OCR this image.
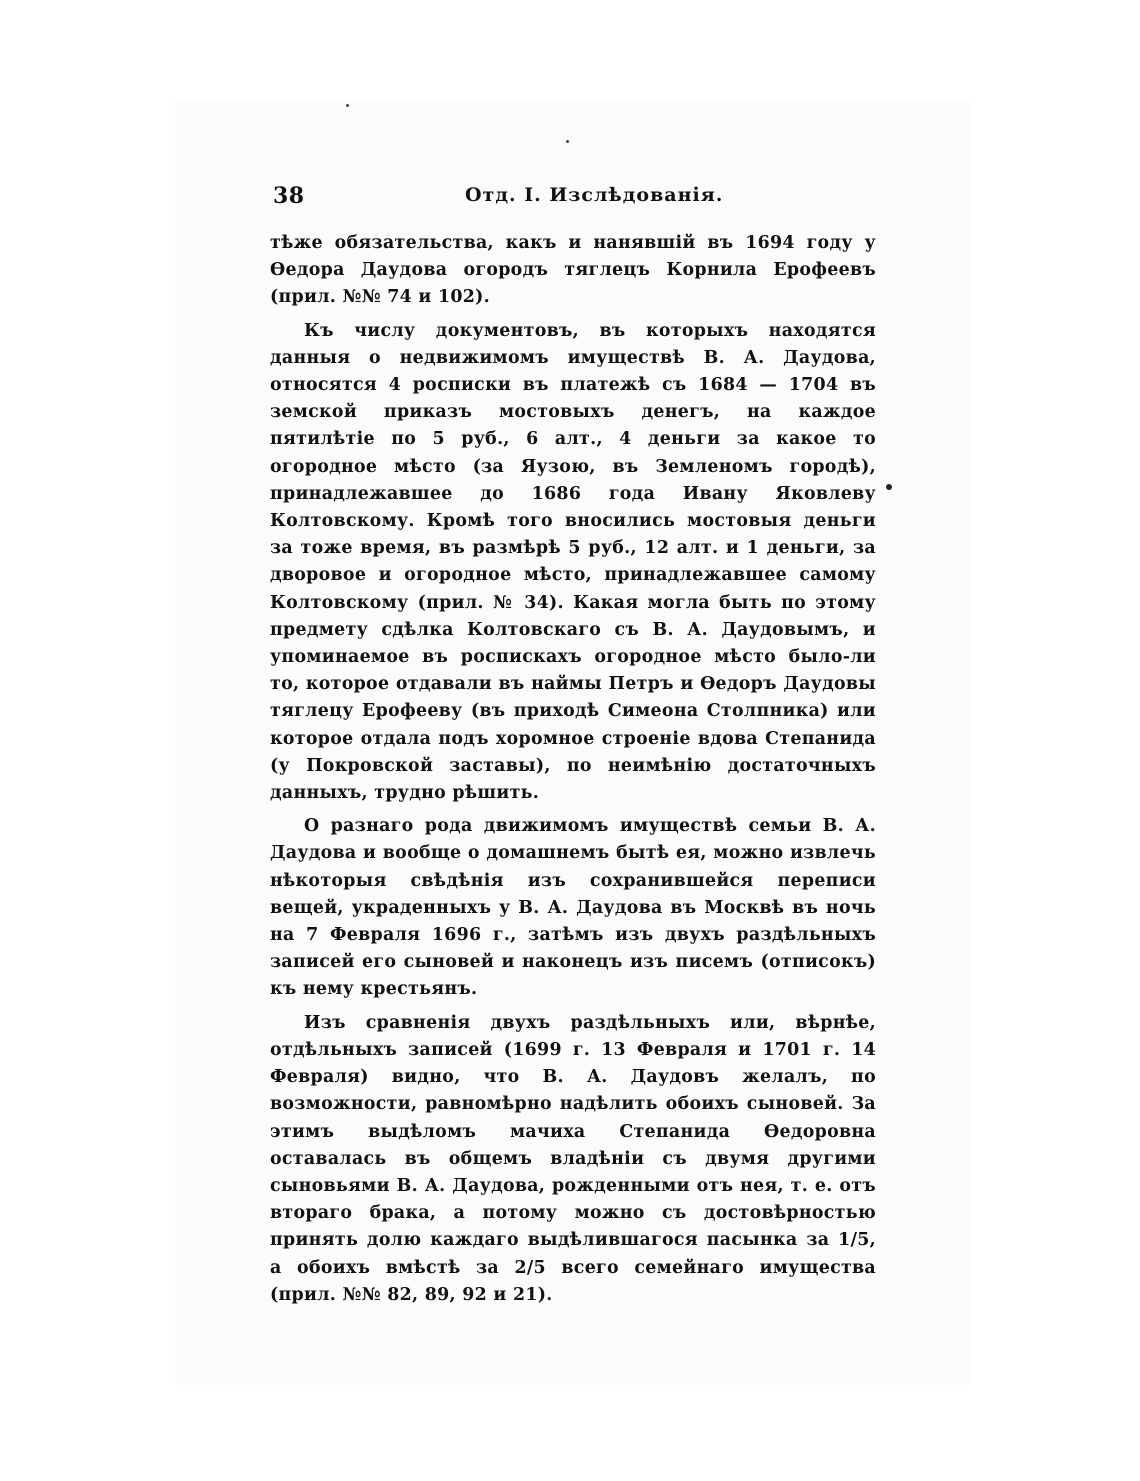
38	Отд. I. Изслѣдованія.

тѣже обязательства, какъ и нанявшій въ 1694 году у Ѳедора Даудова огородъ тяглецъ Корнила Ерофеевъ (прил. №№ 74 и 102).

Къ числу документовъ, въ которыхъ находятся данныя о недвижимомъ имуществѣ В. А. Даудова, относятся 4 росписки въ платежѣ съ 1684 — 1704 въ земской приказъ мостовыхъ денегъ, на каждое пятилѣтіе по 5 руб., 6 алт., 4 деньги за какое то огородное мѣсто (за Яузою, въ Земленомъ городѣ), принадлежавшее до 1686 года Ивану Яковлеву Колтовскому. Кромѣ того вносились мостовыя деньги за тоже время, въ размѣрѣ 5 руб., 12 алт. и 1 деньги, за дворовое и огородное мѣсто, принадлежавшее самому Колтовскому (прил. № 34). Какая могла быть по этому предмету сдѣлка Колтовскаго съ В. А. Даудовымъ, и упоминаемое въ роспискахъ огородное мѣсто было-ли то, которое отдавали въ наймы Петръ и Ѳедоръ Даудовы тяглецу Ерофееву (въ приходѣ Симеона Столпника) или которое отдала подъ хоромное строеніе вдова Степанида (у Покровской заставы), по неимѣнію достаточныхъ данныхъ, трудно рѣшить.

О разнаго рода движимомъ имуществѣ семьи В. А. Даудова и вообще о домашнемъ бытѣ ея, можно извлечь нѣкоторыя свѣдѣнія изъ сохранившейся переписи вещей, украденныхъ у В. А. Даудова въ Москвѣ въ ночь на 7 Февраля 1696 г., затѣмъ изъ двухъ раздѣльныхъ записей его сыновей и наконецъ изъ писемъ (отписокъ) къ нему крестьянъ.

Изъ сравненія двухъ раздѣльныхъ или, вѣрнѣе, отдѣльныхъ записей (1699 г. 13 Февраля и 1701 г. 14 Февраля) видно, что В. А. Даудовъ желалъ, по возможности, равномѣрно надѣлить обоихъ сыновей. За этимъ выдѣломъ мачиха Степанида Ѳедоровна оставалась въ общемъ владѣніи съ двумя другими сыновьями В. А. Даудова, рожденными отъ нея, т. е. отъ втораго брака, а потому можно съ достовѣрностью принять долю каждаго выдѣлившагося пасынка за 1/5, а обоихъ вмѣстѣ за 2/5 всего семейнаго имущества (прил. №№ 82, 89, 92 и 21).
